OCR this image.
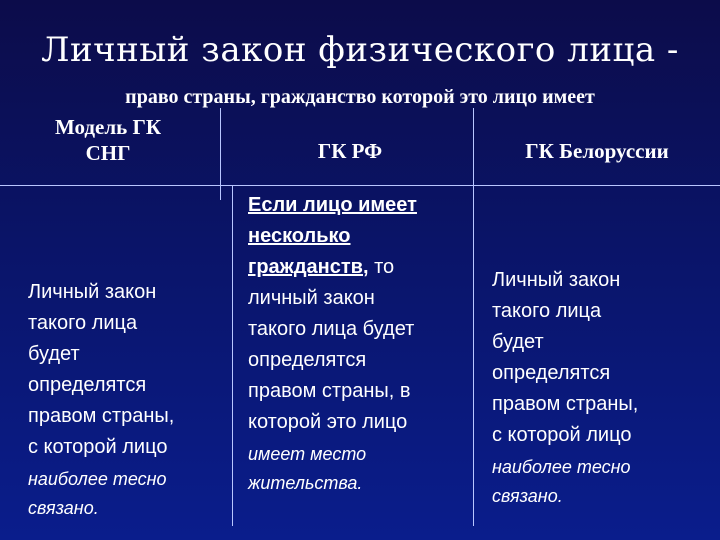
Личный закон физического лица -
право страны, гражданство которой это лицо имеет
Модель ГК
СНГ	ГК РФ	ГК Белоруссии
Личный закон
такого лица
будет
определятся
правом страны,
с которой лицо
наиболее тесно
связано.
Если лицо имеет
несколько
гражданств, то
личный закон
такого лица будет
определятся
правом страны, в
которой это лицо
имеет место
жительства.
Личный закон
такого лица
будет
определятся
правом страны,
с которой лицо
наиболее тесно
связано.
